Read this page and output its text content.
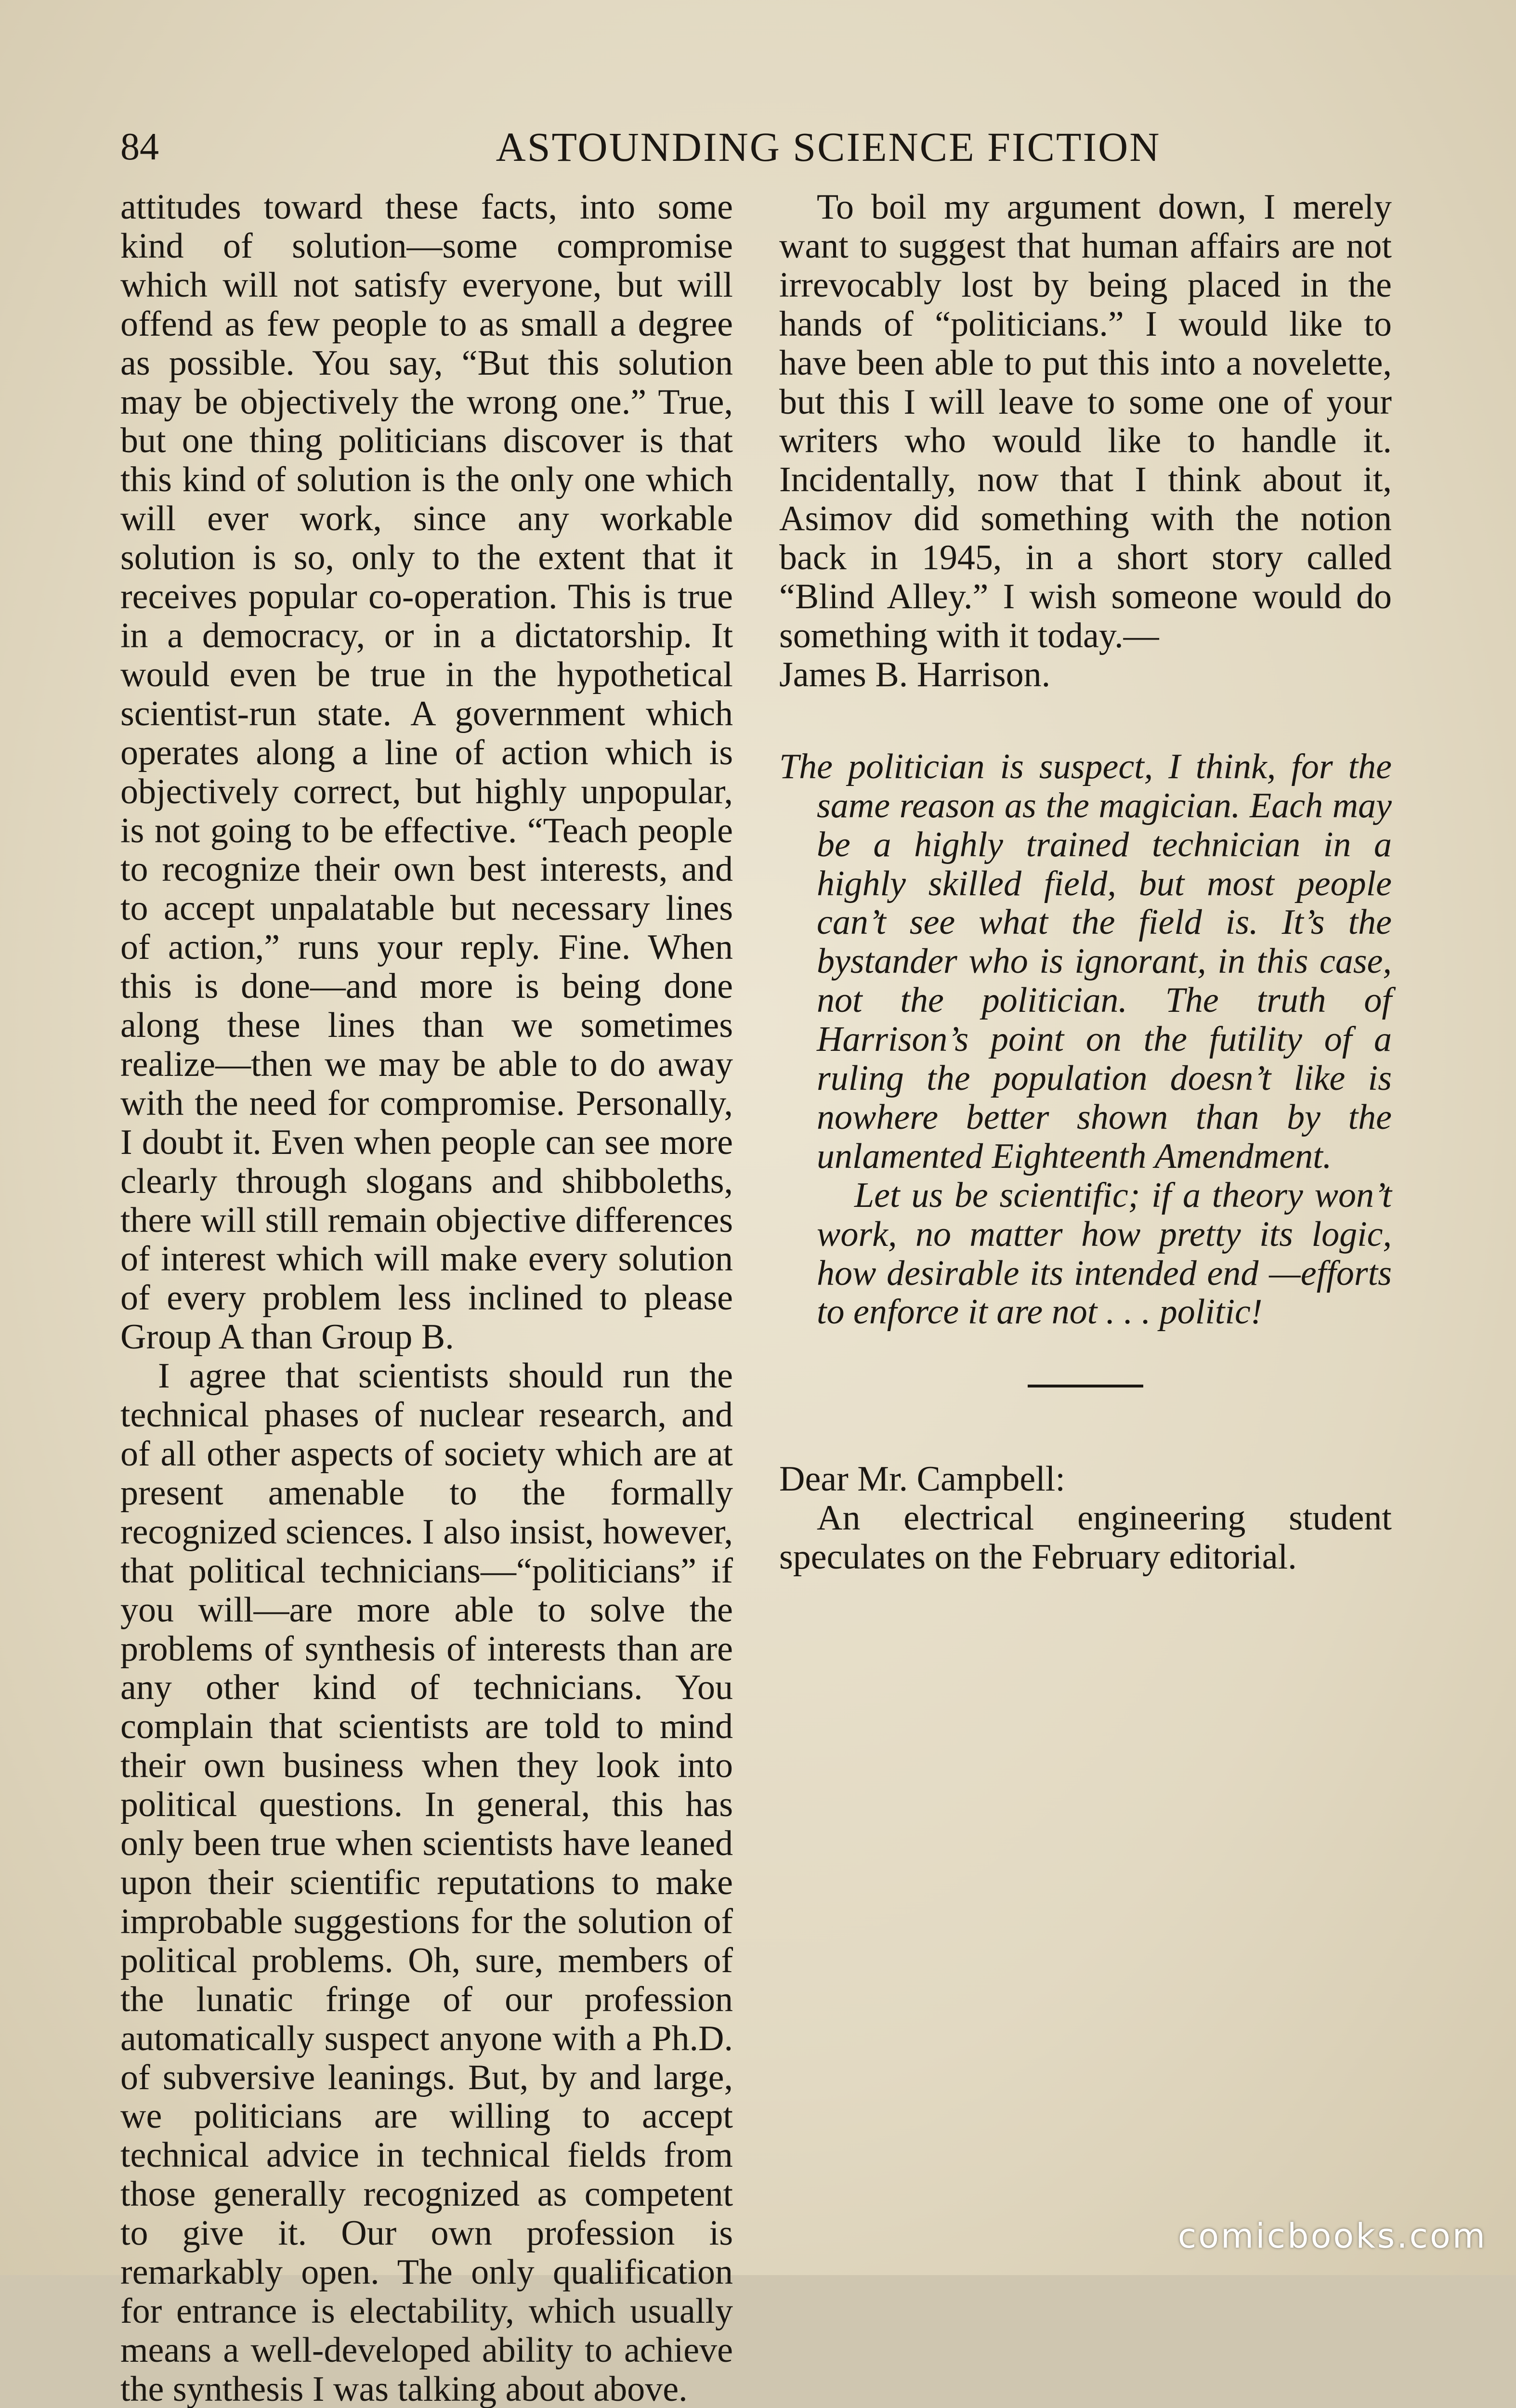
84	ASTOUNDING SCIENCE FICTION

attitudes toward these facts, into some kind of solution—some compromise which will not satisfy everyone, but will offend as few people to as small a degree as possible. You say, “But this solution may be objectively the wrong one.” True, but one thing politicians discover is that this kind of solution is the only one which will ever work, since any workable solution is so, only to the extent that it receives popular co-operation. This is true in a democracy, or in a dictatorship. It would even be true in the hypothetical scientist-run state. A government which operates along a line of action which is objectively correct, but highly unpopular, is not going to be effective. “Teach people to recognize their own best interests, and to accept unpalatable but necessary lines of action,” runs your reply. Fine. When this is done—and more is being done along these lines than we sometimes realize—then we may be able to do away with the need for compromise. Personally, I doubt it. Even when people can see more clearly through slogans and shibboleths, there will still remain objective differences of interest which will make every solution of every problem less inclined to please Group A than Group B.

I agree that scientists should run the technical phases of nuclear research, and of all other aspects of society which are at present amenable to the formally recognized sciences. I also insist, however, that political technicians—“politicians” if you will—are more able to solve the problems of synthesis of interests than are any other kind of technicians. You complain that scientists are told to mind their own business when they look into political questions. In general, this has only been true when scientists have leaned upon their scientific reputations to make improbable suggestions for the solution of political problems. Oh, sure, members of the lunatic fringe of our profession automatically suspect anyone with a Ph.D. of subversive leanings. But, by and large, we politicians are willing to accept technical advice in technical fields from those generally recognized as competent to give it. Our own profession is remarkably open. The only qualification for entrance is electability, which usually means a well-developed ability to achieve the synthesis I was talking about above.

To boil my argument down, I merely want to suggest that human affairs are not irrevocably lost by being placed in the hands of “politicians.” I would like to have been able to put this into a novelette, but this I will leave to some one of your writers who would like to handle it. Incidentally, now that I think about it, Asimov did something with the notion back in 1945, in a short story called “Blind Alley.” I wish someone would do something with it today.—

James B. Harrison.

The politician is suspect, I think, for the same reason as the magician. Each may be a highly trained technician in a highly skilled field, but most people can’t see what the field is. It’s the bystander who is ignorant, in this case, not the politician. The truth of Harrison’s point on the futility of a ruling the population doesn’t like is nowhere better shown than by the unlamented Eighteenth Amendment.

Let us be scientific; if a theory won’t work, no matter how pretty its logic, how desirable its intended end —efforts to enforce it are not . . . politic!

Dear Mr. Campbell:

An electrical engineering student speculates on the February editorial.

comicbooks.com
